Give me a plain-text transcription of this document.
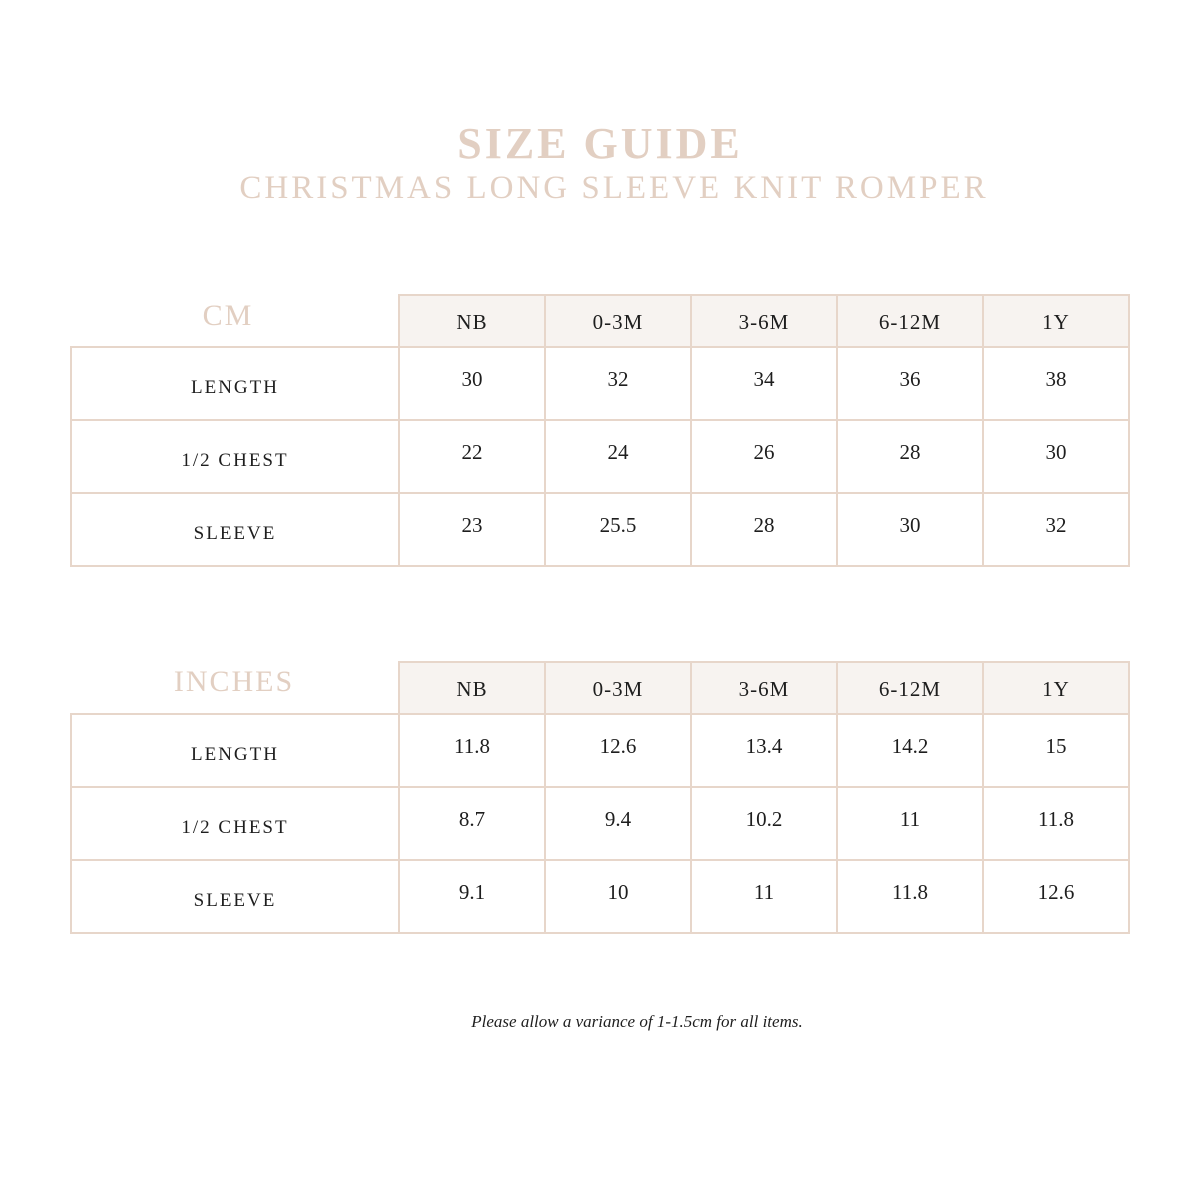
SIZE GUIDE
CHRISTMAS LONG SLEEVE KNIT ROMPER
CM	NB	0-3M	3-6M	6-12M	1Y
LENGTH	30	32	34	36	38
1/2 CHEST	22	24	26	28	30
SLEEVE	23	25.5	28	30	32
INCHES	NB	0-3M	3-6M	6-12M	1Y
LENGTH	11.8	12.6	13.4	14.2	15
1/2 CHEST	8.7	9.4	10.2	11	11.8
SLEEVE	9.1	10	11	11.8	12.6
Please allow a variance of 1-1.5cm for all items.
